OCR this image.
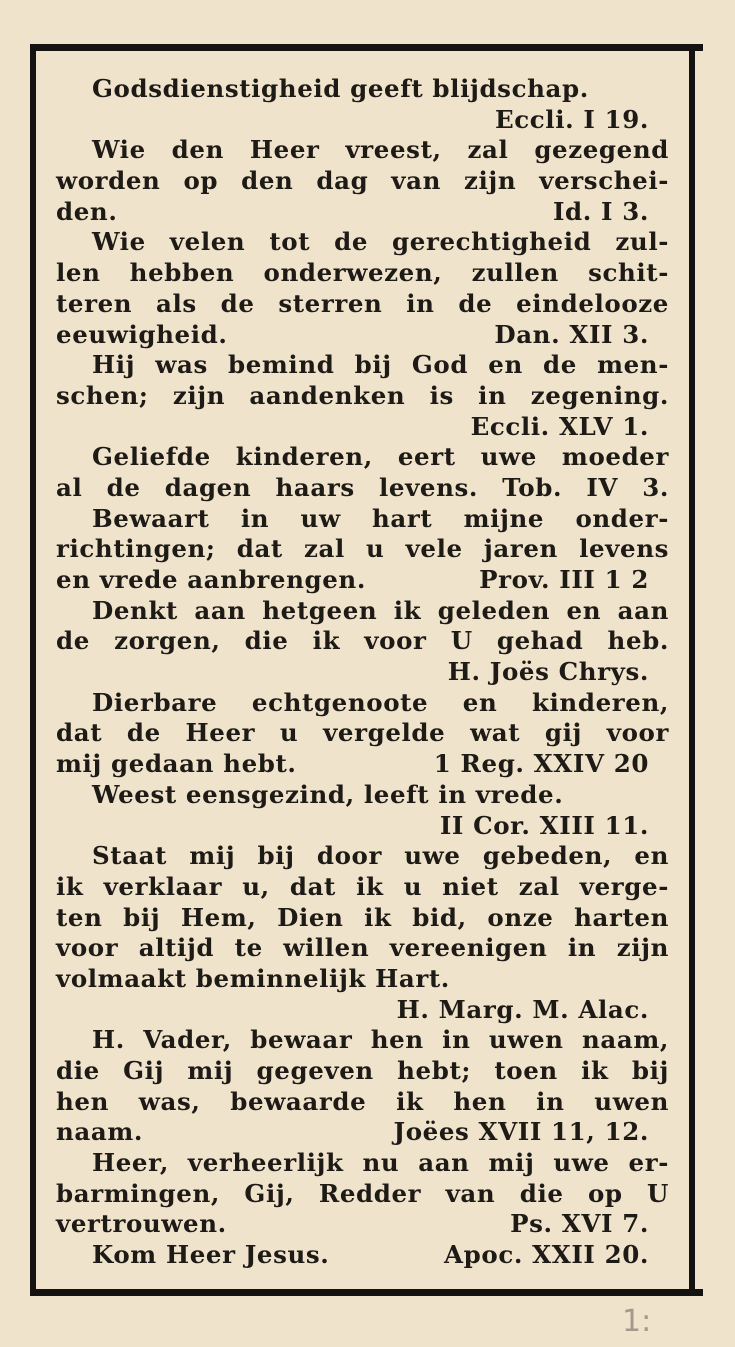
Godsdienstigheid geeft blijdschap.
Eccli. I 19.
Wie den Heer vreest, zal gezegend
worden op den dag van zijn verschei-
den.	Id. I 3.
Wie velen tot de gerechtigheid zul-
len hebben onderwezen, zullen schit-
teren als de sterren in de eindelooze
eeuwigheid.	Dan. XII 3.
Hij was bemind bij God en de men-
schen; zijn aandenken is in zegening.
Eccli. XLV 1.
Geliefde kinderen, eert uwe moeder
al de dagen haars levens. Tob. IV 3.
Bewaart in uw hart mijne onder-
richtingen; dat zal u vele jaren levens
en vrede aanbrengen.	Prov. III 1 2
Denkt aan hetgeen ik geleden en aan
de zorgen, die ik voor U gehad heb.
H. Joës Chrys.
Dierbare echtgenoote en kinderen,
dat de Heer u vergelde wat gij voor
mij gedaan hebt.	1 Reg. XXIV 20
Weest eensgezind, leeft in vrede.
II Cor. XIII 11.
Staat mij bij door uwe gebeden, en
ik verklaar u, dat ik u niet zal verge-
ten bij Hem, Dien ik bid, onze harten
voor altijd te willen vereenigen in zijn
volmaakt beminnelijk Hart.
H. Marg. M. Alac.
H. Vader, bewaar hen in uwen naam,
die Gij mij gegeven hebt; toen ik bij
hen was, bewaarde ik hen in uwen
naam.	Joëes XVII 11, 12.
Heer, verheerlijk nu aan mij uwe er-
barmingen, Gij, Redder van die op U
vertrouwen.	Ps. XVI 7.
Kom Heer Jesus.	Apoc. XXII 20.
1:
